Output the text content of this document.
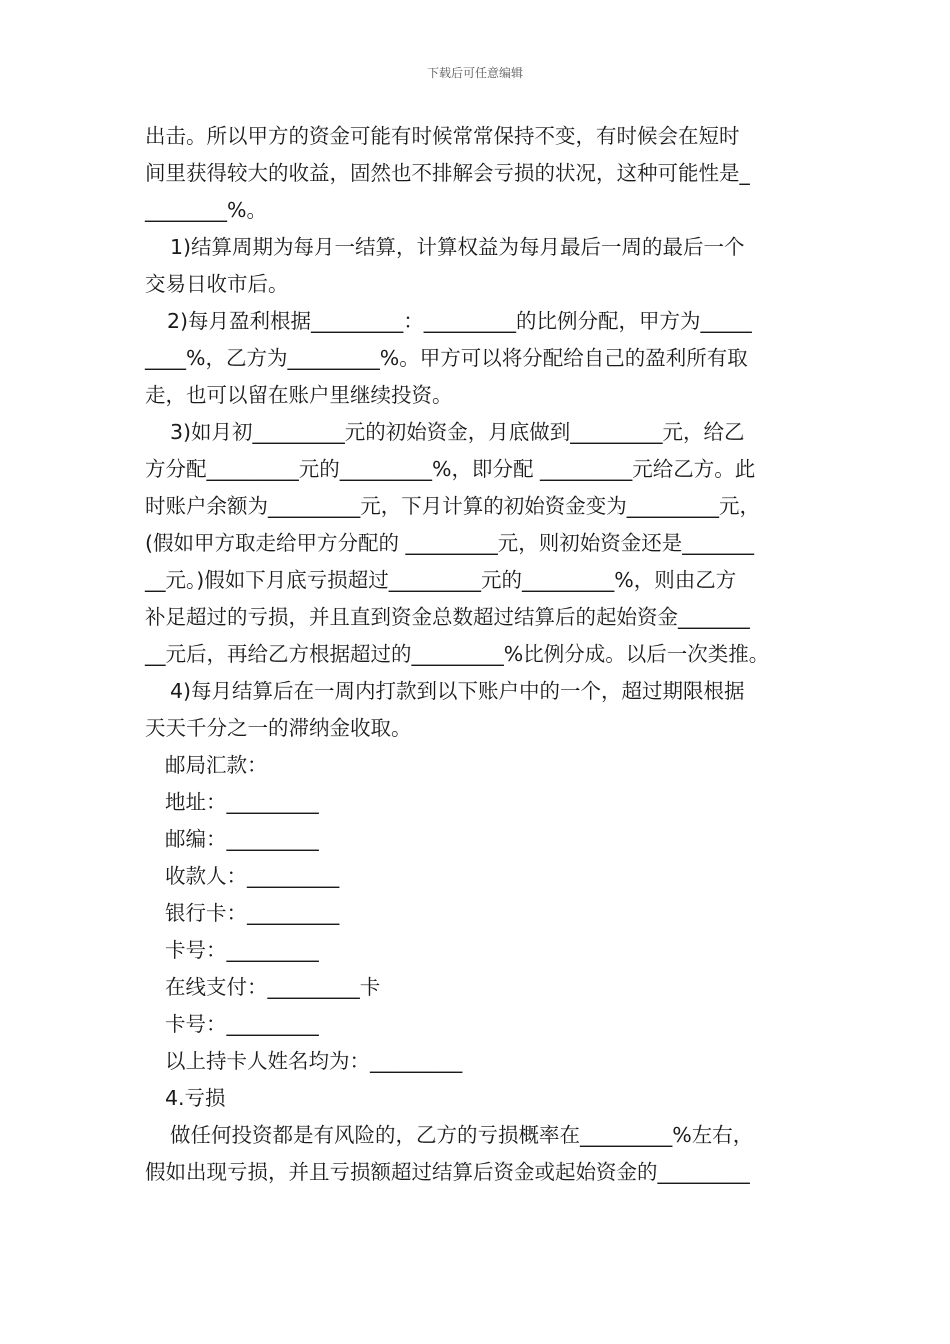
下载后可任意编辑

出击。所以甲方的资金可能有时候常常保持不变，有时候会在短时

间里获得较大的收益，固然也不排解会亏损的状况，这种可能性是_

________%。

1)结算周期为每月一结算，计算权益为每月最后一周的最后一个

交易日收市后。

2)每月盈利根据_________：_________的比例分配，甲方为_____

____%，乙方为_________%。甲方可以将分配给自己的盈利所有取

走，也可以留在账户里继续投资。

3)如月初_________元的初始资金，月底做到_________元，给乙

方分配_________元的_________%，即分配 _________元给乙方。此

时账户余额为_________元，下月计算的初始资金变为_________元，

(假如甲方取走给甲方分配的 _________元，则初始资金还是_______

__元。)假如下月底亏损超过_________元的_________%，则由乙方

补足超过的亏损，并且直到资金总数超过结算后的起始资金_______

__元后，再给乙方根据超过的_________%比例分成。以后一次类推。

4)每月结算后在一周内打款到以下账户中的一个，超过期限根据

天天千分之一的滞纳金收取。

邮局汇款：

地址：_________

邮编：_________

收款人：_________

银行卡：_________

卡号：_________

在线支付：_________卡

卡号：_________

以上持卡人姓名均为：_________

4.亏损

做任何投资都是有风险的，乙方的亏损概率在_________%左右，

假如出现亏损，并且亏损额超过结算后资金或起始资金的_________
